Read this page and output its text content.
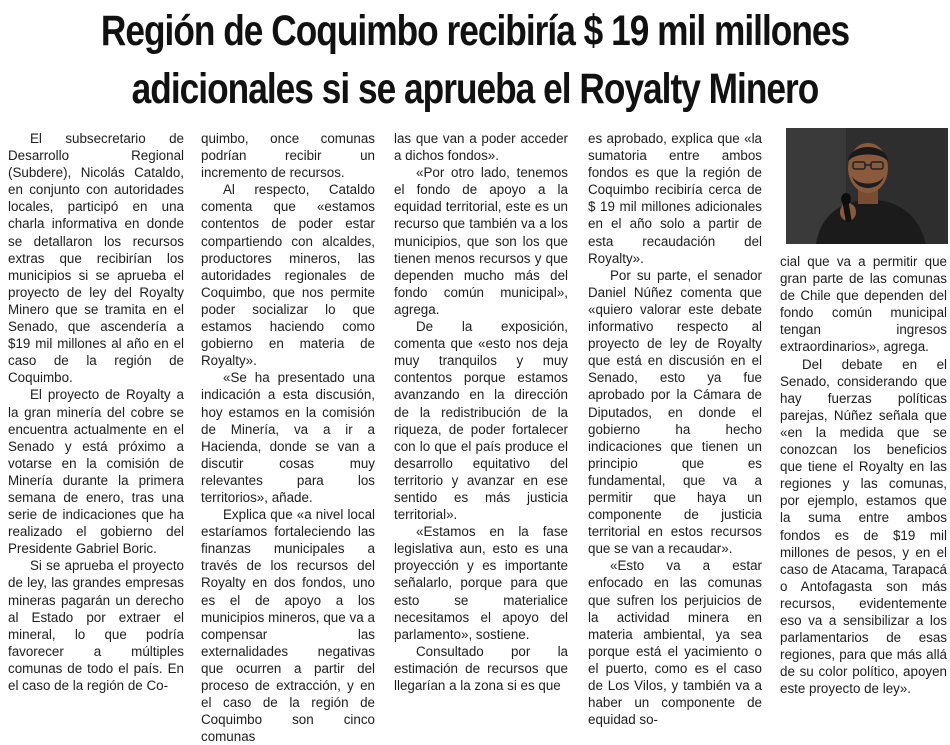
Región de Coquimbo recibiría $ 19 mil millones
adicionales si se aprueba el Royalty Minero

El subsecretario de Desarrollo Regional (Subdere), Nicolás Cataldo, en conjunto con autoridades locales, participó en una charla informativa en donde se detallaron los recursos extras que recibirían los municipios si se aprueba el proyecto de ley del Royalty Minero que se tramita en el Senado, que ascendería a $19 mil millones al año en el caso de la región de Coquimbo.

El proyecto de Royalty a la gran minería del cobre se encuentra actualmente en el Senado y está próximo a votarse en la comisión de Minería durante la primera semana de enero, tras una serie de indicaciones que ha realizado el gobierno del Presidente Gabriel Boric.

Si se aprueba el proyecto de ley, las grandes empresas mineras pagarán un derecho al Estado por extraer el mineral, lo que podría favorecer a múltiples comunas de todo el país. En el caso de la región de Co-

quimbo, once comunas podrían recibir un incremento de recursos.

Al respecto, Cataldo comenta que «estamos contentos de poder estar compartiendo con alcaldes, productores mineros, las autoridades regionales de Coquimbo, que nos permite poder socializar lo que estamos haciendo como gobierno en materia de Royalty».

«Se ha presentado una indicación a esta discusión, hoy estamos en la comisión de Minería, va a ir a Hacienda, donde se van a discutir cosas muy relevantes para los territorios», añade.

Explica que «a nivel local estaríamos fortaleciendo las finanzas municipales a través de los recursos del Royalty en dos fondos, uno es el de apoyo a los municipios mineros, que va a compensar las externalidades negativas que ocurren a partir del proceso de extracción, y en el caso de la región de Coquimbo son cinco comunas

las que van a poder acceder a dichos fondos».

«Por otro lado, tenemos el fondo de apoyo a la equidad territorial, este es un recurso que también va a los municipios, que son los que tienen menos recursos y que dependen mucho más del fondo común municipal», agrega.

De la exposición, comenta que «esto nos deja muy tranquilos y muy contentos porque estamos avanzando en la dirección de la redistribución de la riqueza, de poder fortalecer con lo que el país produce el desarrollo equitativo del territorio y avanzar en ese sentido es más justicia territorial».

«Estamos en la fase legislativa aun, esto es una proyección y es importante señalarlo, porque para que esto se materialice necesitamos el apoyo del parlamento», sostiene.

Consultado por la estimación de recursos que llegarían a la zona si es que

es aprobado, explica que «la sumatoria entre ambos fondos es que la región de Coquimbo recibiría cerca de $ 19 mil millones adicionales en el año solo a partir de esta recaudación del Royalty».

Por su parte, el senador Daniel Núñez comenta que «quiero valorar este debate informativo respecto al proyecto de ley de Royalty que está en discusión en el Senado, esto ya fue aprobado por la Cámara de Diputados, en donde el gobierno ha hecho indicaciones que tienen un principio que es fundamental, que va a permitir que haya un componente de justicia territorial en estos recursos que se van a recaudar».

«Esto va a estar enfocado en las comunas que sufren los perjuicios de la actividad minera en materia ambiental, ya sea porque está el yacimiento o el puerto, como es el caso de Los Vilos, y también va a haber un componente de equidad so-

cial que va a permitir que gran parte de las comunas de Chile que dependen del fondo común municipal tengan ingresos extraordinarios», agrega.

Del debate en el Senado, considerando que hay fuerzas políticas parejas, Núñez señala que «en la medida que se conozcan los beneficios que tiene el Royalty en las regiones y las comunas, por ejemplo, estamos que la suma entre ambos fondos es de $19 mil millones de pesos, y en el caso de Atacama, Tarapacá o Antofagasta son más recursos, evidentemente eso va a sensibilizar a los parlamentarios de esas regiones, para que más allá de su color político, apoyen este proyecto de ley».
